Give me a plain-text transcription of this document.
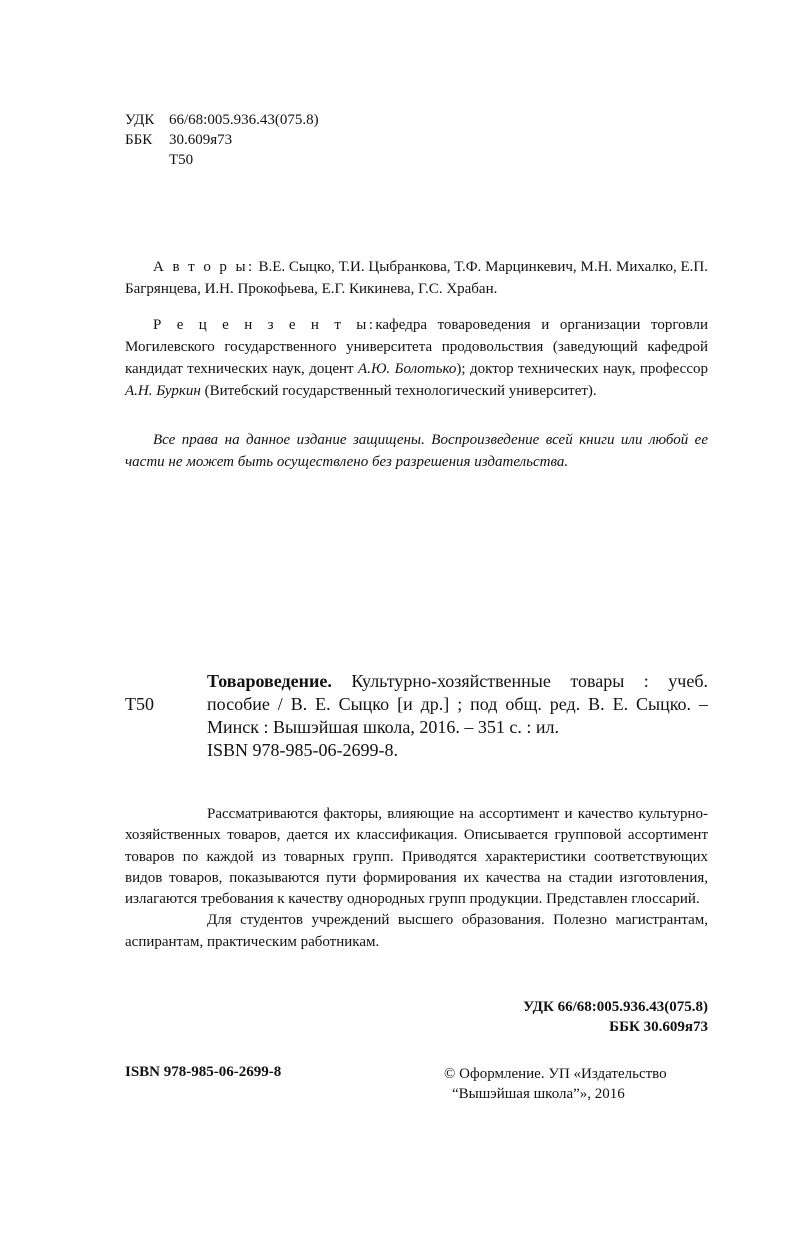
УДК 66/68:005.936.43(075.8)
ББК	30.609я73
Т50
А в т о р ы: В.Е. Сыцко, Т.И. Цыбранкова, Т.Ф. Марцинкевич, М.Н. Михалко, Е.П. Багрянцева, И.Н. Прокофьева, Е.Г. Кикинева, Г.С. Храбан.
Р е ц е н з е н т ы:кафедра товароведения и организации торговли Могилевского государственного университета продовольствия (заведующий кафедрой кандидат технических наук, доцент А.Ю. Болотько); доктор технических наук, профессор А.Н. Буркин (Витебский государственный технологический университет).
Все права на данное издание защищены. Воспроизведение всей книги или любой ее части не может быть осуществлено без разрешения издательства.
Т50
Товароведение. Культурно-хозяйственные товары : учеб. пособие / В. Е. Сыцко [и др.] ; под общ. ред. В. Е. Сыцко. – Минск : Вышэйшая школа, 2016. – 351 с. : ил.
ISBN 978-985-06-2699-8.

Рассматриваются факторы, влияющие на ассортимент и качество культурно-хозяйственных товаров, дается их классификация. Описывается групповой ассортимент товаров по каждой из товарных групп. Приводятся характеристики соответствующих видов товаров, показываются пути формирования их качества на стадии изготовления, излагаются требования к качеству однородных групп продукции. Представлен глоссарий.

Для студентов учреждений высшего образования. Полезно магистрантам, аспирантам, практическим работникам.

УДК 66/68:005.936.43(075.8)
ББК 30.609я73
ISBN 978-985-06-2699-8	© Оформление. УП «Издательство
“Вышэйшая школа”», 2016
